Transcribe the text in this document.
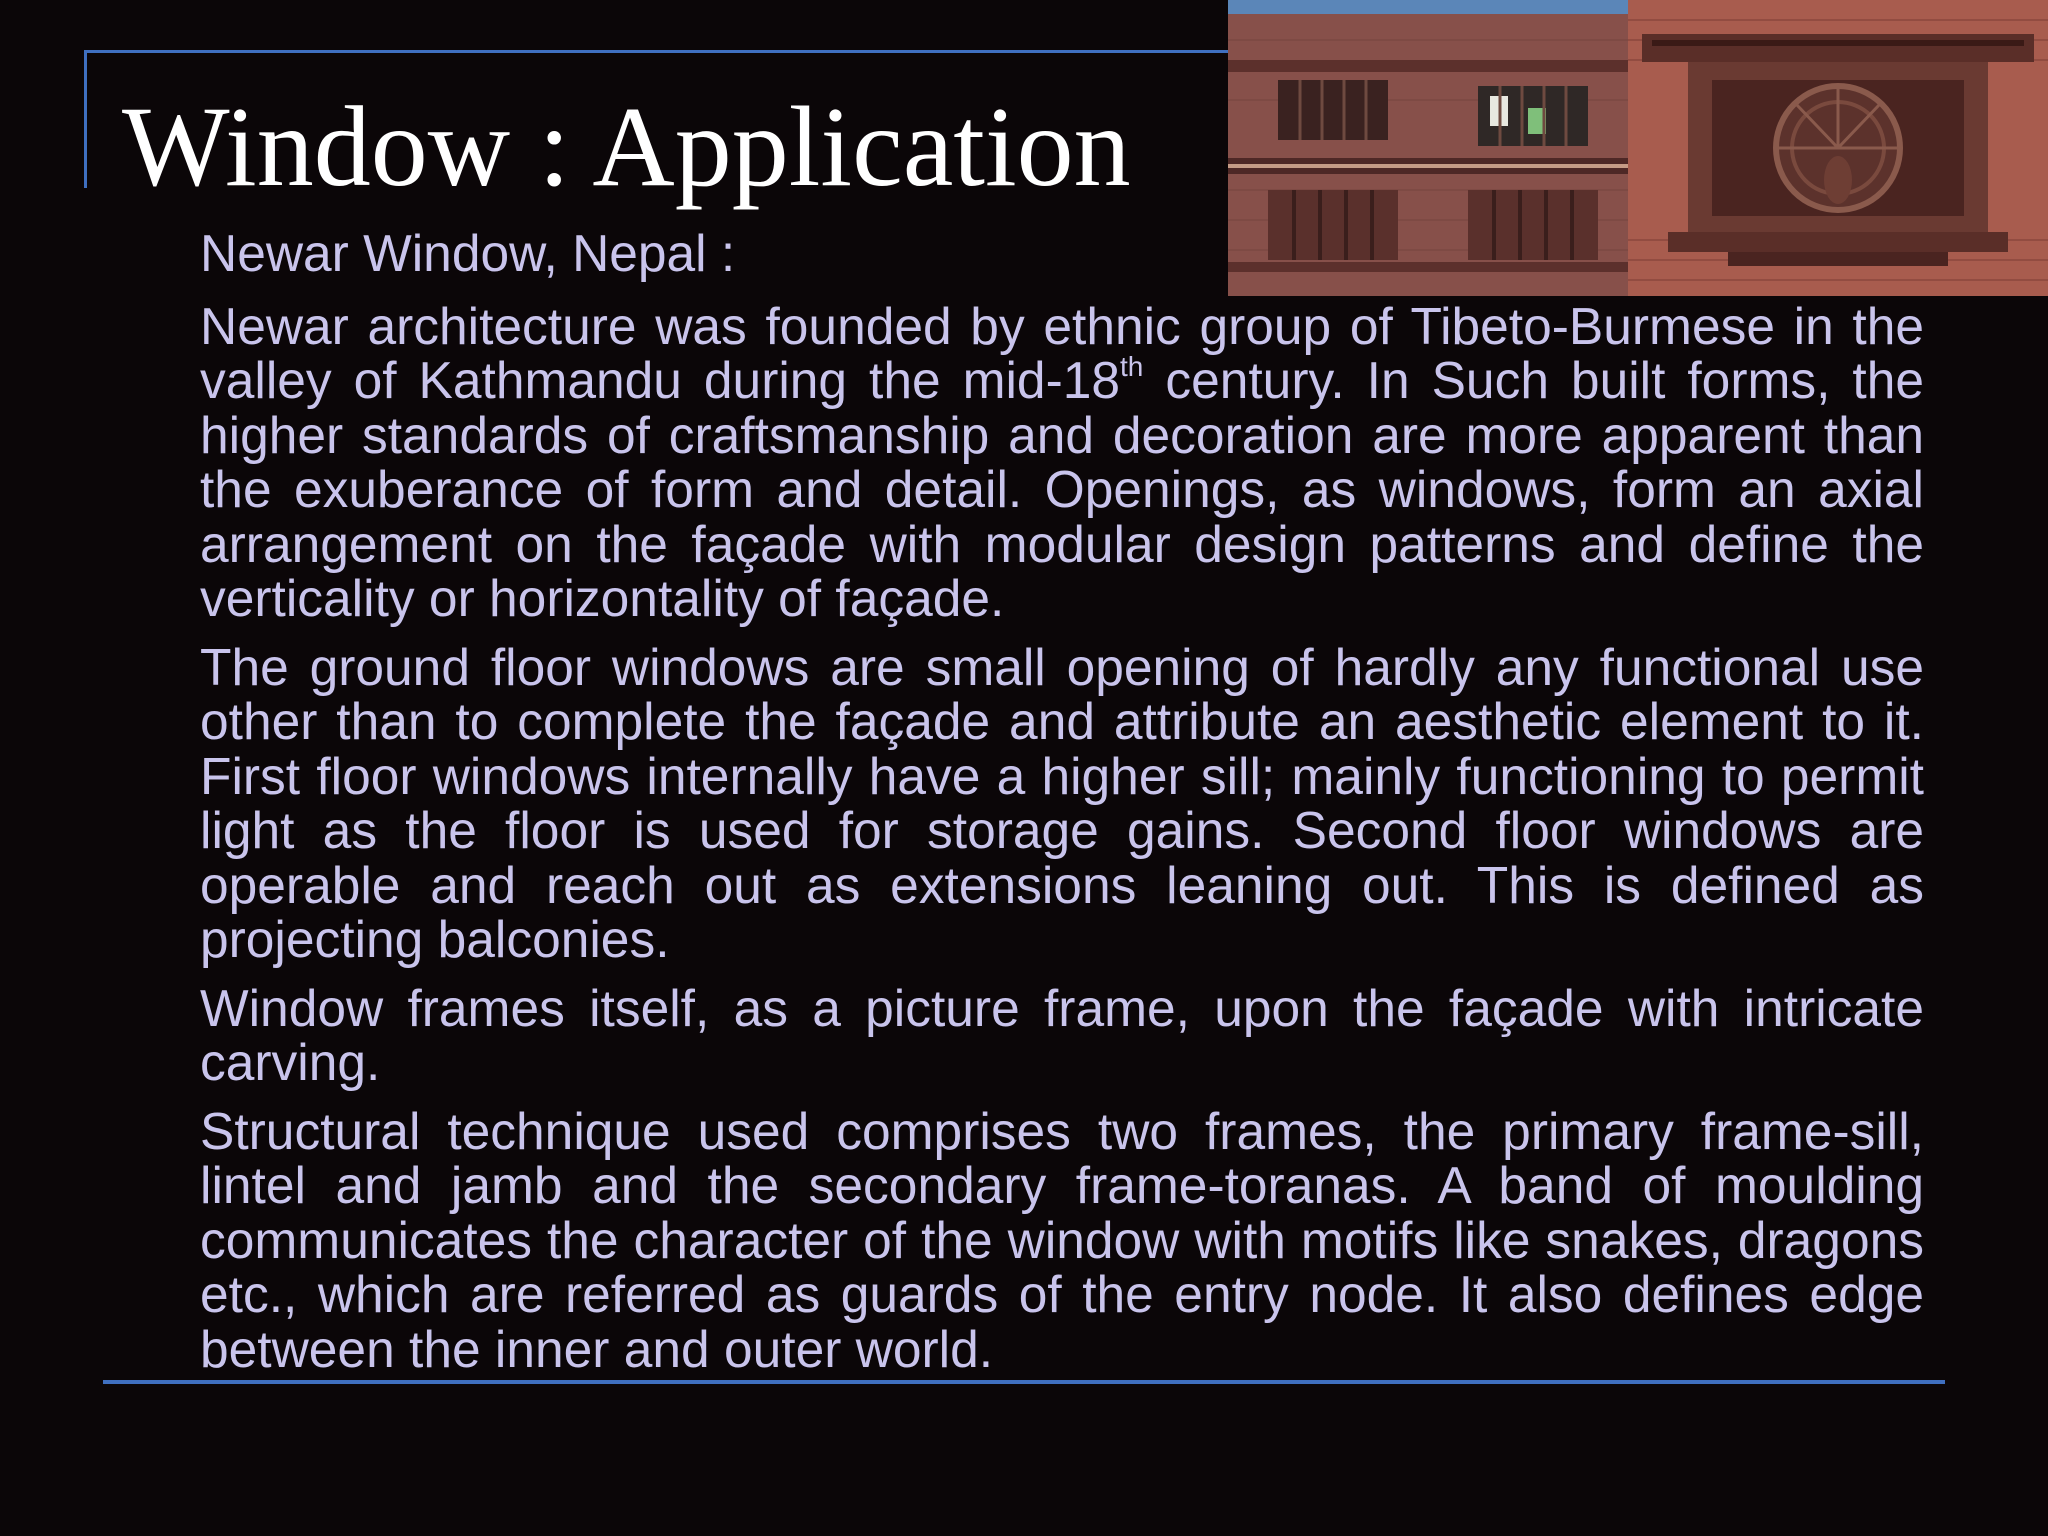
Window : Application

Newar Window, Nepal :

Newar architecture was founded by ethnic group of Tibeto-Burmese in the valley of Kathmandu during the mid-18th century. In Such built forms, the higher standards of craftsmanship and decoration are more apparent than the exuberance of form and detail. Openings, as windows, form an axial arrangement on the façade with modular design patterns and define the verticality or horizontality of façade.

The ground floor windows are small opening of hardly any functional use other than to complete the façade and attribute an aesthetic element to it. First floor windows internally have a higher sill; mainly functioning to permit light as the floor is used for storage gains. Second floor windows are operable and reach out as extensions leaning out. This is defined as projecting balconies.

Window frames itself, as a picture frame, upon the façade with intricate carving.

Structural technique used comprises two frames, the primary frame-sill, lintel and jamb and the secondary frame-toranas. A band of moulding communicates the character of the window with motifs like snakes, dragons etc., which are referred as guards of the entry node. It also defines edge between the inner and outer world.
